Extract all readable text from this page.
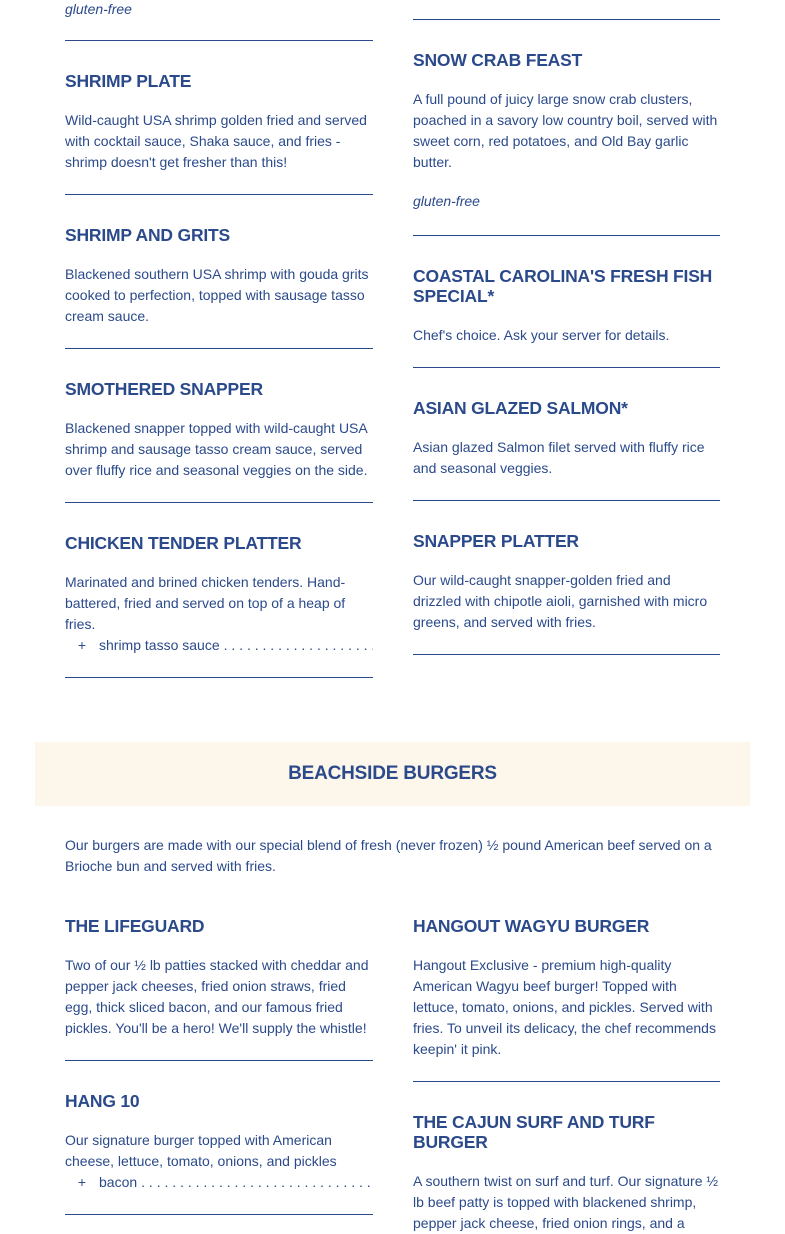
gluten-free
SHRIMP PLATE

Wild-caught USA shrimp golden fried and served with cocktail sauce, Shaka sauce, and fries - shrimp doesn't get fresher than this!

SHRIMP AND GRITS

Blackened southern USA shrimp with gouda grits cooked to perfection, topped with sausage tasso cream sauce.

SMOTHERED SNAPPER

Blackened snapper topped with wild-caught USA shrimp and sausage tasso cream sauce, served over fluffy rice and seasonal veggies on the side.

CHICKEN TENDER PLATTER

Marinated and brined chicken tenders. Hand-battered, fried and served on top of a heap of fries.

+ shrimp tasso sauce
. . .
SNOW CRAB FEAST

A full pound of juicy large snow crab clusters, poached in a savory low country boil, served with sweet corn, red potatoes, and Old Bay garlic butter.

gluten-free
COASTAL CAROLINA'S FRESH FISH SPECIAL*

Chef's choice. Ask your server for details.

ASIAN GLAZED SALMON*

Asian glazed Salmon filet served with fluffy rice and seasonal veggies.

SNAPPER PLATTER

Our wild-caught snapper-golden fried and drizzled with chipotle aioli, garnished with micro greens, and served with fries.

BEACHSIDE BURGERS
Our burgers are made with our special blend of fresh (never frozen) ½ pound American beef served on a Brioche bun and served with fries.
THE LIFEGUARD

Two of our ½ lb patties stacked with cheddar and pepper jack cheeses, fried onion straws, fried egg, thick sliced bacon, and our famous fried pickles. You'll be a hero! We'll supply the whistle!

HANG 10

Our signature burger topped with American cheese, lettuce, tomato, onions, and pickles

+ bacon
. . .
HANGOUT WAGYU BURGER

Hangout Exclusive - premium high-quality American Wagyu beef burger! Topped with lettuce, tomato, onions, and pickles. Served with fries. To unveil its delicacy, the chef recommends keepin' it pink.

THE CAJUN SURF AND TURF BURGER

A southern twist on surf and turf. Our signature ½ lb beef patty is topped with blackened shrimp, pepper jack cheese, fried onion rings, and a
